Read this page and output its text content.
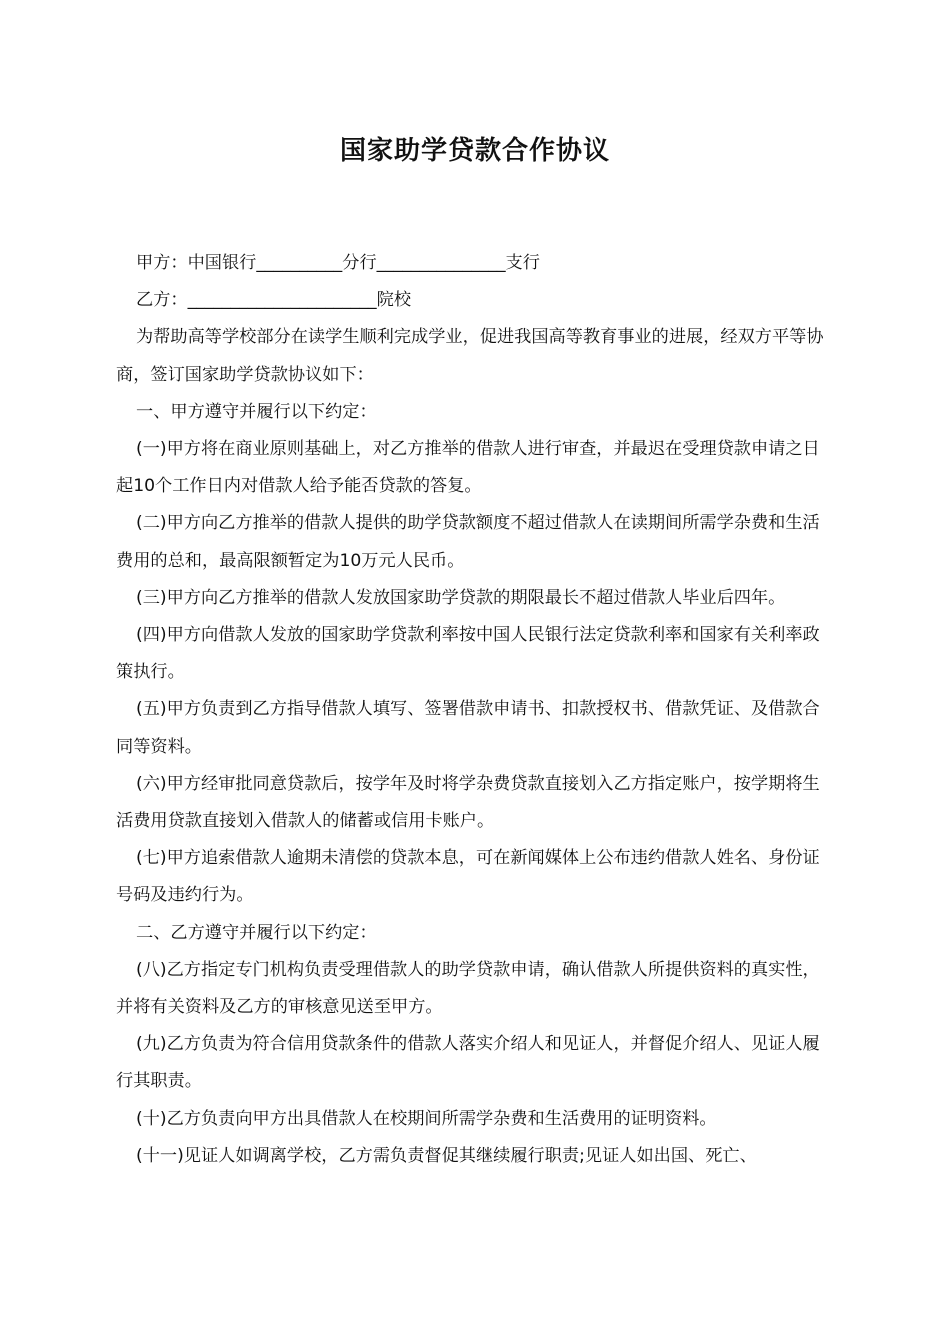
国家助学贷款合作协议

甲方：中国银行__________分行_______________支行

乙方：______________________院校

为帮助高等学校部分在读学生顺利完成学业，促进我国高等教育事业的进展，经双方平等协商，签订国家助学贷款协议如下：

一、甲方遵守并履行以下约定：

(一)甲方将在商业原则基础上，对乙方推举的借款人进行审查，并最迟在受理贷款申请之日起10个工作日内对借款人给予能否贷款的答复。

(二)甲方向乙方推举的借款人提供的助学贷款额度不超过借款人在读期间所需学杂费和生活费用的总和，最高限额暂定为10万元人民币。

(三)甲方向乙方推举的借款人发放国家助学贷款的期限最长不超过借款人毕业后四年。

(四)甲方向借款人发放的国家助学贷款利率按中国人民银行法定贷款利率和国家有关利率政策执行。

(五)甲方负责到乙方指导借款人填写、签署借款申请书、扣款授权书、借款凭证、及借款合同等资料。

(六)甲方经审批同意贷款后，按学年及时将学杂费贷款直接划入乙方指定账户，按学期将生活费用贷款直接划入借款人的储蓄或信用卡账户。

(七)甲方追索借款人逾期未清偿的贷款本息，可在新闻媒体上公布违约借款人姓名、身份证号码及违约行为。

二、乙方遵守并履行以下约定：

(八)乙方指定专门机构负责受理借款人的助学贷款申请，确认借款人所提供资料的真实性，并将有关资料及乙方的审核意见送至甲方。

(九)乙方负责为符合信用贷款条件的借款人落实介绍人和见证人，并督促介绍人、见证人履行其职责。

(十)乙方负责向甲方出具借款人在校期间所需学杂费和生活费用的证明资料。

(十一)见证人如调离学校，乙方需负责督促其继续履行职责;见证人如出国、死亡、
